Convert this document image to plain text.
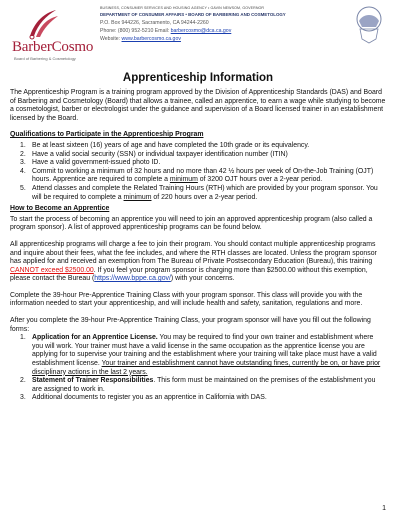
BarberCosmo
Board of Barbering & Cosmetology
BUSINESS, CONSUMER SERVICES AND HOUSING AGENCY • GAVIN NEWSOM, GOVERNOR
DEPARTMENT OF CONSUMER AFFAIRS • BOARD OF BARBERING AND COSMETOLOGY
P.O. Box 944226, Sacramento, CA 94244-2260
Phone: (800) 952-5210 Email: barbercosmo@dca.ca.gov
Website: www.barbercosmo.ca.gov
Apprenticeship Information

The Apprenticeship Program is a training program approved by the Division of Apprenticeship Standards (DAS) and Board of Barbering and Cosmetology (Board) that allows a trainee, called an apprentice, to earn a wage while studying to become a cosmetologist, barber or electrologist under the guidance and supervision of a Board licensed trainer in an establishment licensed by the Board.

Qualifications to Participate in the Apprenticeship Program
1. Be at least sixteen (16) years of age and have completed the 10th grade or its equivalency.
2. Have a valid social security (SSN) or individual taxpayer identification number (ITIN)
3. Have a valid government-issued photo ID.
4. Commit to working a minimum of 32 hours and no more than 42 ½ hours per week of On-the-Job Training (OJT) hours. Apprentice are required to complete a minimum of 3200 OJT hours over a 2-year period.
5. Attend classes and complete the Related Training Hours (RTH) which are provided by your program sponsor. You will be required to complete a minimum of 220 hours over a 2-year period.
How to Become an Apprentice

To start the process of becoming an apprentice you will need to join an approved apprenticeship program (also called a program sponsor). A list of approved apprenticeship programs can be found below.

All apprenticeship programs will charge a fee to join their program. You should contact multiple apprenticeship programs and inquire about their fees, what the fee includes, and where the RTH classes are located. Unless the program sponsor has applied for and received an exemption from The Bureau of Private Postsecondary Education (Bureau), this training CANNOT exceed $2500.00. If you feel your program sponsor is charging more than $2500.00 without this exemption, please contact the Bureau (https://www.bppe.ca.gov/) with your concerns.

Complete the 39-hour Pre-Apprentice Training Class with your program sponsor. This class will provide you with the information needed to start your apprenticeship, and will include health and safety, sanitation, regulations and more.

After you complete the 39-hour Pre-Apprentice Training Class, your program sponsor will have you fill out the following forms:

1. Application for an Apprentice License. You may be required to find your own trainer and establishment where you will work. Your trainer must have a valid license in the same occupation as the apprentice license you are applying for to supervise your training and the establishment where your training will take place must have a valid establishment license. Your trainer and establishment cannot have outstanding fines, currently be on, or have prior disciplinary actions in the last 2 years.
2. Statement of Trainer Responsibilities. This form must be maintained on the premises of the establishment you are assigned to work in.
3. Additional documents to register you as an apprentice in California with DAS.
1
